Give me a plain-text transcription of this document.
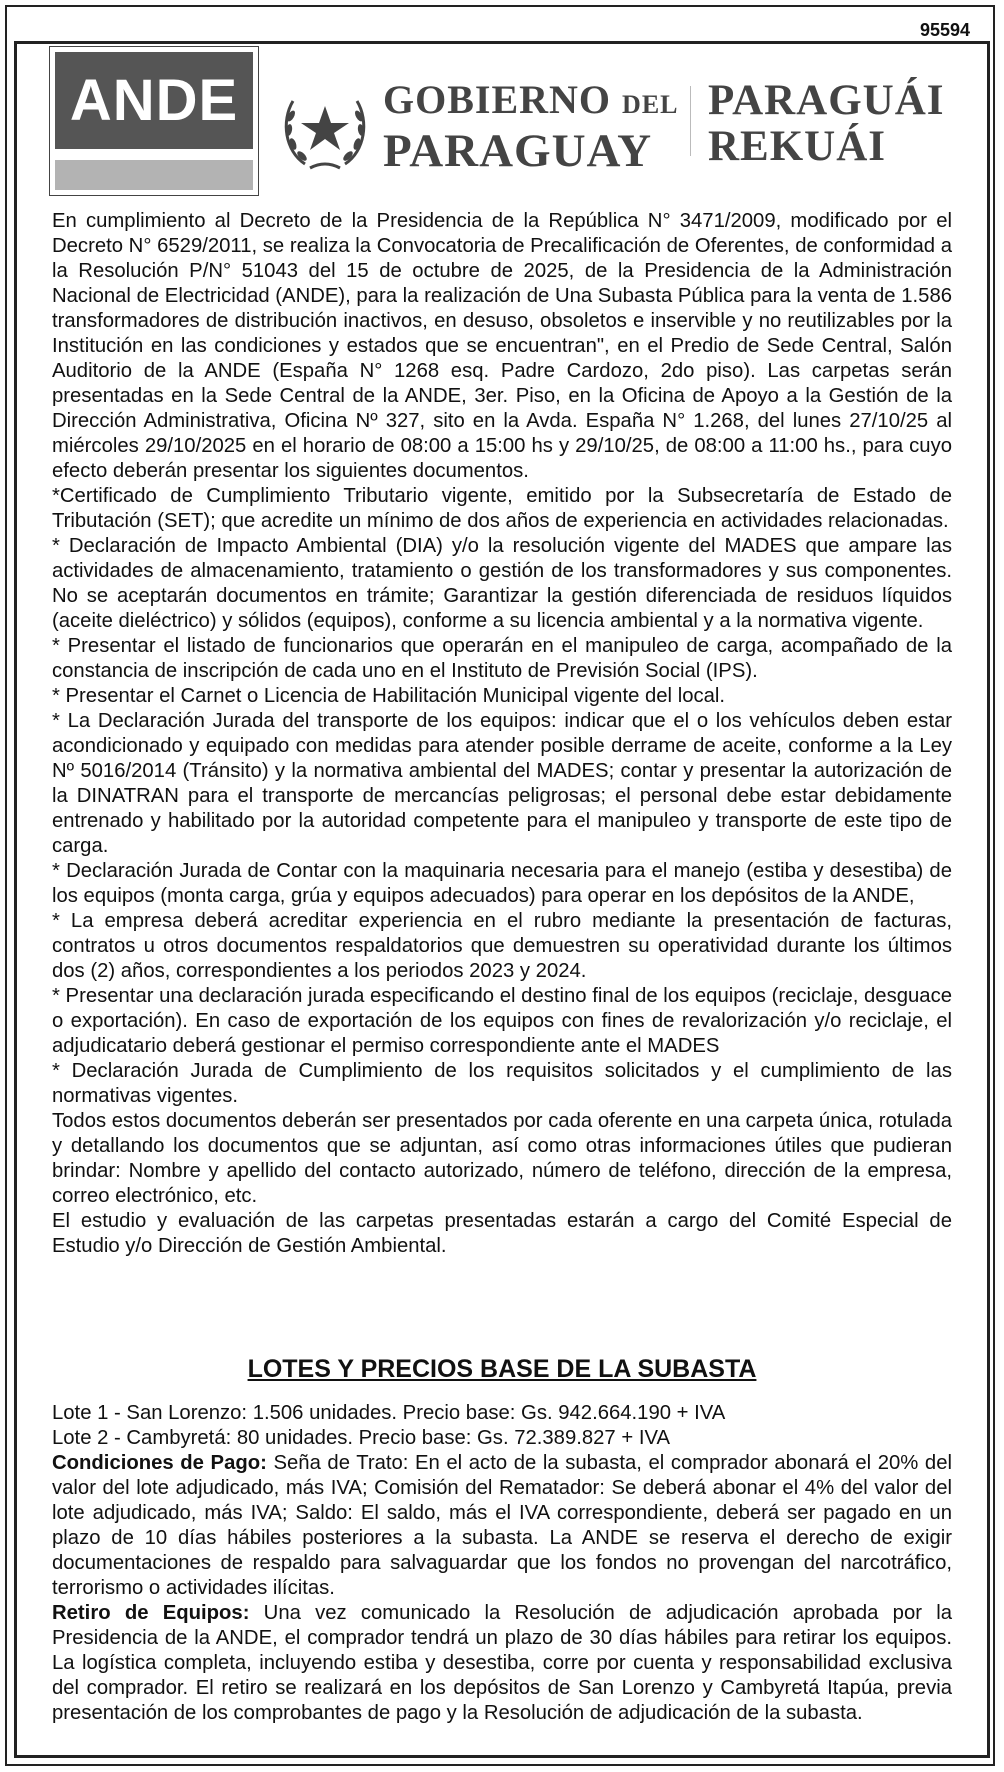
95594
ANDE	GOBIERNO DEL
PARAGUAY
PARAGUÁI
REKUÁI

En cumplimiento al Decreto de la Presidencia de la República N° 3471/2009, modificado por el Decreto N° 6529/2011, se realiza la Convocatoria de Precalificación de Oferentes, de conformidad a la Resolución P/N° 51043 del 15 de octubre de 2025, de la Presidencia de la Administración Nacional de Electricidad (ANDE), para la realización de Una Subasta Pública para la venta de 1.586 transformadores de distribución inactivos, en desuso, obsoletos e inservible y no reutilizables por la Institución en las condiciones y estados que se encuentran", en el Predio de Sede Central, Salón Auditorio de la ANDE (España N° 1268 esq. Padre Cardozo, 2do piso). Las carpetas serán presentadas en la Sede Central de la ANDE, 3er. Piso, en la Oficina de Apoyo a la Gestión de la Dirección Administrativa, Oficina Nº 327, sito en la Avda. España N° 1.268, del lunes 27/10/25 al miércoles 29/10/2025 en el horario de 08:00 a 15:00 hs y 29/10/25, de 08:00 a 11:00 hs., para cuyo efecto deberán presentar los siguientes documentos.

*Certificado de Cumplimiento Tributario vigente, emitido por la Subsecretaría de Estado de Tributación (SET); que acredite un mínimo de dos años de experiencia en actividades relacionadas.

* Declaración de Impacto Ambiental (DIA) y/o la resolución vigente del MADES que ampare las actividades de almacenamiento, tratamiento o gestión de los transformadores y sus componentes. No se aceptarán documentos en trámite; Garantizar la gestión diferenciada de residuos líquidos (aceite dieléctrico) y sólidos (equipos), conforme a su licencia ambiental y a la normativa vigente.

* Presentar el listado de funcionarios que operarán en el manipuleo de carga, acompañado de la constancia de inscripción de cada uno en el Instituto de Previsión Social (IPS).

* Presentar el Carnet o Licencia de Habilitación Municipal vigente del local.

* La Declaración Jurada del transporte de los equipos: indicar que el o los vehículos deben estar acondicionado y equipado con medidas para atender posible derrame de aceite, conforme a la Ley Nº 5016/2014 (Tránsito) y la normativa ambiental del MADES; contar y presentar la autorización de la DINATRAN para el transporte de mercancías peligrosas; el personal debe estar debidamente entrenado y habilitado por la autoridad competente para el manipuleo y transporte de este tipo de carga.

* Declaración Jurada de Contar con la maquinaria necesaria para el manejo (estiba y desestiba) de los equipos (monta carga, grúa y equipos adecuados) para operar en los depósitos de la ANDE,

* La empresa deberá acreditar experiencia en el rubro mediante la presentación de facturas, contratos u otros documentos respaldatorios que demuestren su operatividad durante los últimos dos (2) años, correspondientes a los periodos 2023 y 2024.

* Presentar una declaración jurada especificando el destino final de los equipos (reciclaje, desguace o exportación). En caso de exportación de los equipos con fines de revalorización y/o reciclaje, el adjudicatario deberá gestionar el permiso correspondiente ante el MADES

* Declaración Jurada de Cumplimiento de los requisitos solicitados y el cumplimiento de las normativas vigentes.

Todos estos documentos deberán ser presentados por cada oferente en una carpeta única, rotulada y detallando los documentos que se adjuntan, así como otras informaciones útiles que pudieran brindar: Nombre y apellido del contacto autorizado, número de teléfono, dirección de la empresa, correo electrónico, etc.

El estudio y evaluación de las carpetas presentadas estarán a cargo del Comité Especial de Estudio y/o Dirección de Gestión Ambiental.

LOTES Y PRECIOS BASE DE LA SUBASTA

Lote 1 - San Lorenzo: 1.506 unidades. Precio base: Gs. 942.664.190 + IVA

Lote 2 - Cambyretá: 80 unidades. Precio base: Gs. 72.389.827 + IVA

Condiciones de Pago: Seña de Trato: En el acto de la subasta, el comprador abonará el 20% del valor del lote adjudicado, más IVA; Comisión del Rematador: Se deberá abonar el 4% del valor del lote adjudicado, más IVA; Saldo: El saldo, más el IVA correspondiente, deberá ser pagado en un plazo de 10 días hábiles posteriores a la subasta. La ANDE se reserva el derecho de exigir documentaciones de respaldo para salvaguardar que los fondos no provengan del narcotráfico, terrorismo o actividades ilícitas.

Retiro de Equipos: Una vez comunicado la Resolución de adjudicación aprobada por la Presidencia de la ANDE, el comprador tendrá un plazo de 30 días hábiles para retirar los equipos. La logística completa, incluyendo estiba y desestiba, corre por cuenta y responsabilidad exclusiva del comprador. El retiro se realizará en los depósitos de San Lorenzo y Cambyretá Itapúa, previa presentación de los comprobantes de pago y la Resolución de adjudicación de la subasta.
